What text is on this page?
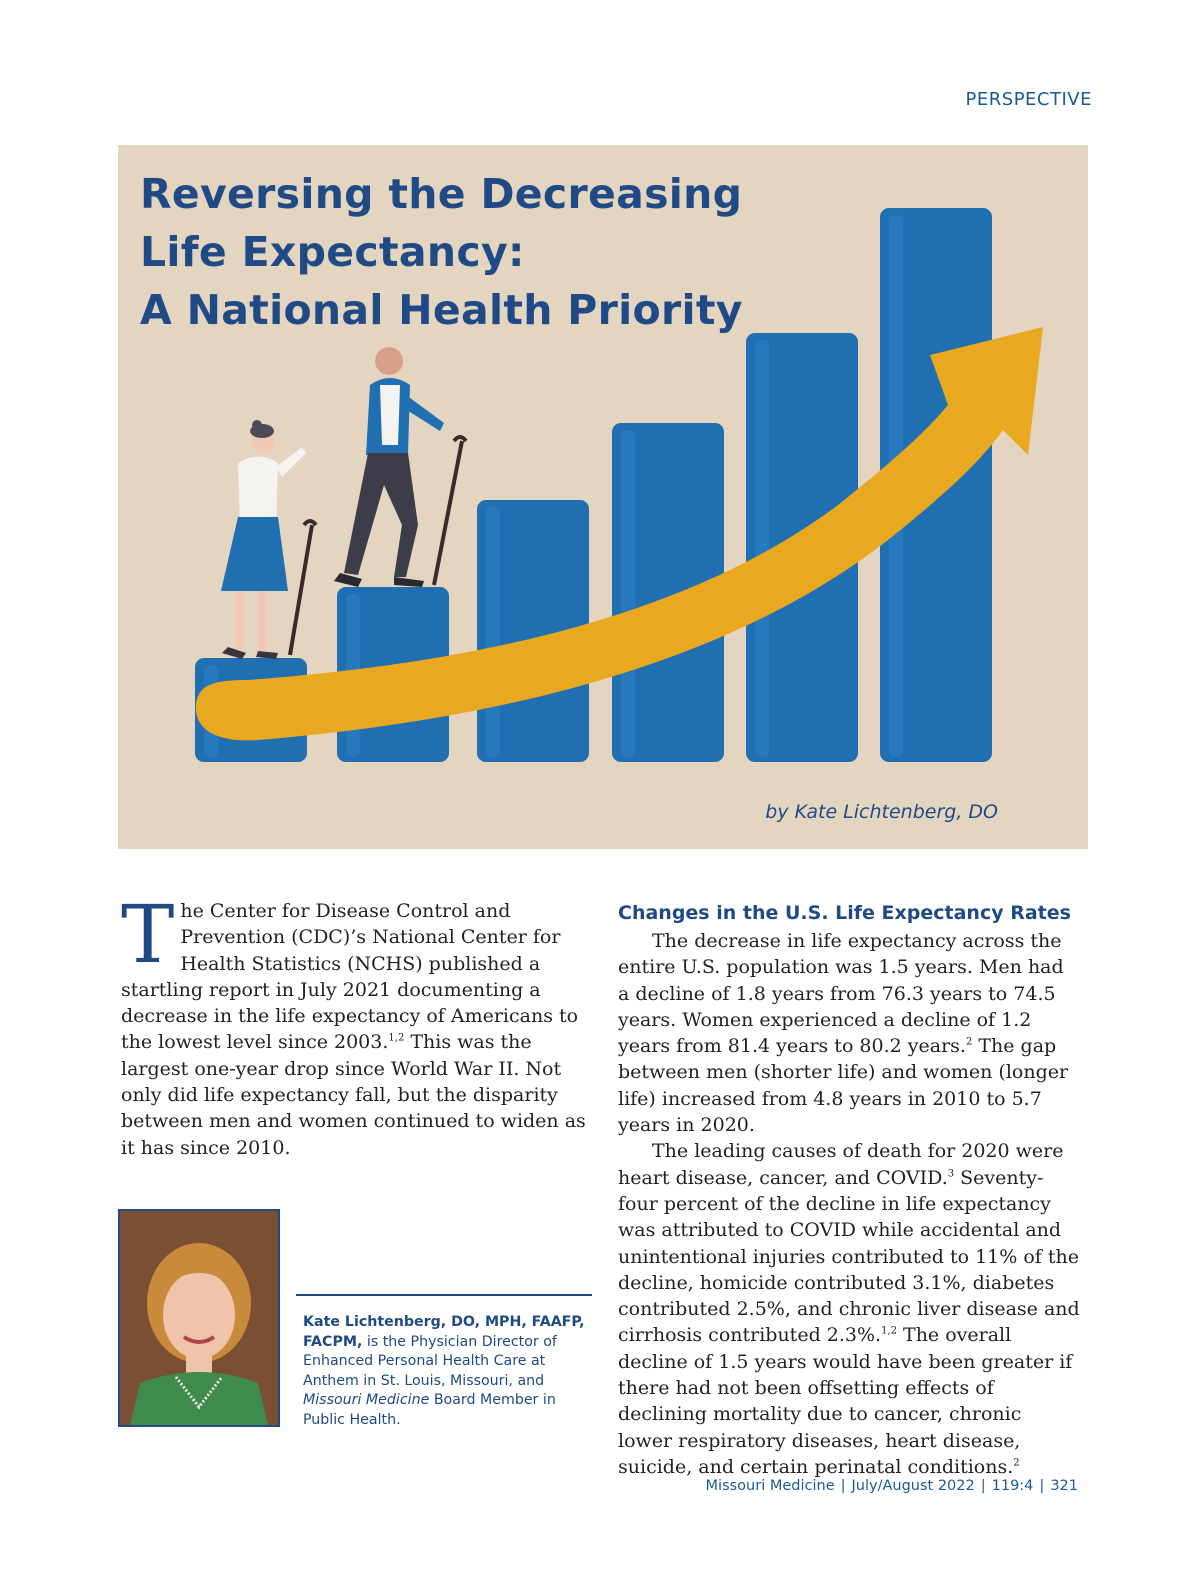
PERSPECTIVE
Reversing the Decreasing
Life Expectancy:
A National Health Priority
by Kate Lichtenberg, DO

The Center for Disease Control and Prevention (CDC)’s National Center for Health Statistics (NCHS) published a startling report in July 2021 documenting a decrease in the life expectancy of Americans to the lowest level since 2003.$^{1,2}$ This was the largest one-year drop since World War II. Not only did life expectancy fall, but the disparity between men and women continued to widen as it has since 2010.

Kate Lichtenberg, DO, MPH, FAAFP, FACPM, is the Physician Director of Enhanced Personal Health Care at Anthem in St. Louis, Missouri, and Missouri Medicine Board Member in Public Health.

Changes in the U.S. Life Expectancy Rates

The decrease in life expectancy across the entire U.S. population was 1.5 years. Men had a decline of 1.8 years from 76.3 years to 74.5 years. Women experienced a decline of 1.2 years from 81.4 years to 80.2 years.$^2$ The gap between men (shorter life) and women (longer life) increased from 4.8 years in 2010 to 5.7 years in 2020.

The leading causes of death for 2020 were heart disease, cancer, and COVID.$^3$ Seventy-four percent of the decline in life expectancy was attributed to COVID while accidental and unintentional injuries contributed to 11% of the decline, homicide contributed 3.1%, diabetes contributed 2.5%, and chronic liver disease and cirrhosis contributed 2.3%.$^{1,2}$ The overall decline of 1.5 years would have been greater if there had not been offsetting effects of declining mortality due to cancer, chronic lower respiratory diseases, heart disease, suicide, and certain perinatal conditions.$^2$

Missouri Medicine | July/August 2022 | 119:4 | 321
